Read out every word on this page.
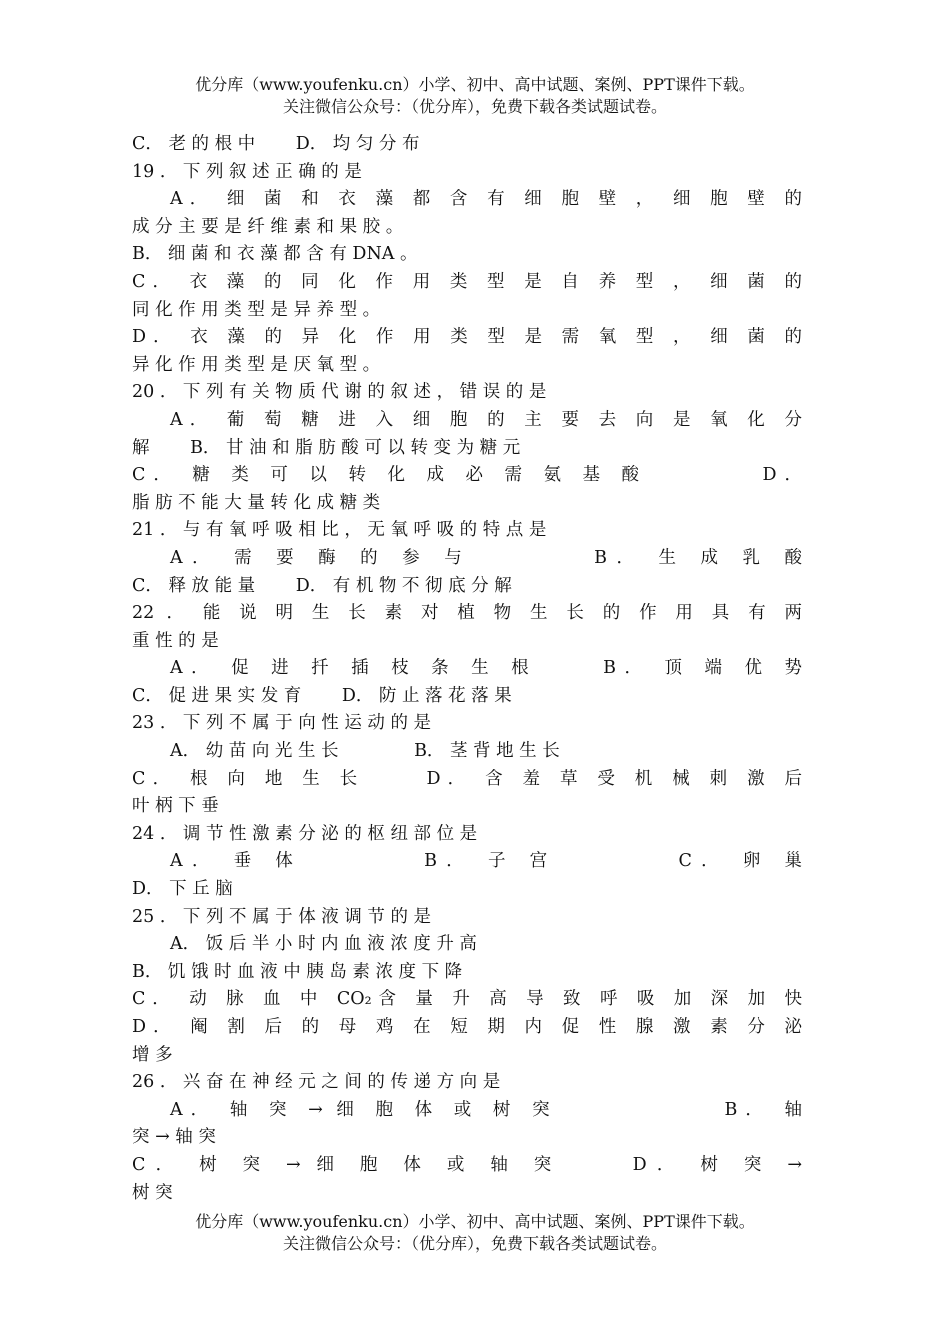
优分库（www.youfenku.cn）小学、初中、高中试题、案例、PPT课件下载。
关注微信公众号：（优分库），免费下载各类试题试卷。
C． 老 的 根 中 　　D． 均 匀 分 布
19 ． 下 列 叙 述 正 确 的 是
A． 细 菌 和 衣 藻 都 含 有 细 胞 壁 ， 细 胞 壁 的
成 分 主 要 是 纤 维 素 和 果 胶 。
B． 细 菌 和 衣 藻 都 含 有 DNA 。
C． 衣 藻 的 同 化 作 用 类 型 是 自 养 型 ， 细 菌 的
同 化 作 用 类 型 是 异 养 型 。
D． 衣 藻 的 异 化 作 用 类 型 是 需 氧 型 ， 细 菌 的
异 化 作 用 类 型 是 厌 氧 型 。
20 ． 下 列 有 关 物 质 代 谢 的 叙 述 ， 错 误 的 是
A． 葡 萄 糖 进 入 细 胞 的 主 要 去 向 是 氧 化 分
解 　　B． 甘 油 和 脂 肪 酸 可 以 转 变 为 糖 元
C． 糖 类 可 以 转 化 成 必 需 氨 基 酸 　　　　D．
脂 肪 不 能 大 量 转 化 成 糖 类
21 ． 与 有 氧 呼 吸 相 比 ， 无 氧 呼 吸 的 特 点 是
A． 需 要 酶 的 参 与 　　　　B． 生 成 乳 酸
C． 释 放 能 量 　　D． 有 机 物 不 彻 底 分 解
22 ． 能 说 明 生 长 素 对 植 物 生 长 的 作 用 具 有 两
重 性 的 是
A． 促 进 扦 插 枝 条 生 根 　　B． 顶 端 优 势
C． 促 进 果 实 发 育 　　D． 防 止 落 花 落 果
23 ． 下 列 不 属 于 向 性 运 动 的 是
A． 幼 苗 向 光 生 长 　　　　B． 茎 背 地 生 长
C． 根 向 地 生 长 　　D． 含 羞 草 受 机 械 刺 激 后
叶 柄 下 垂
24 ． 调 节 性 激 素 分 泌 的 枢 纽 部 位 是
A． 垂 体 　　　　B． 子 宫 　　　　C． 卵 巢
D． 下 丘 脑
25 ． 下 列 不 属 于 体 液 调 节 的 是
A． 饭 后 半 小 时 内 血 液 浓 度 升 高
B． 饥 饿 时 血 液 中 胰 岛 素 浓 度 下 降
C． 动 脉 血 中 CO₂含 量 升 高 导 致 呼 吸 加 深 加 快
D． 阉 割 后 的 母 鸡 在 短 期 内 促 性 腺 激 素 分 泌
增 多
26 ． 兴 奋 在 神 经 元 之 间 的 传 递 方 向 是
A． 轴 突 → 细 胞 体 或 树 突 　　　　　　B． 轴
突 → 轴 突
C． 树 突 → 细 胞 体 或 轴 突 　　D． 树 突 →
树 突
优分库（www.youfenku.cn）小学、初中、高中试题、案例、PPT课件下载。
关注微信公众号：（优分库），免费下载各类试题试卷。
